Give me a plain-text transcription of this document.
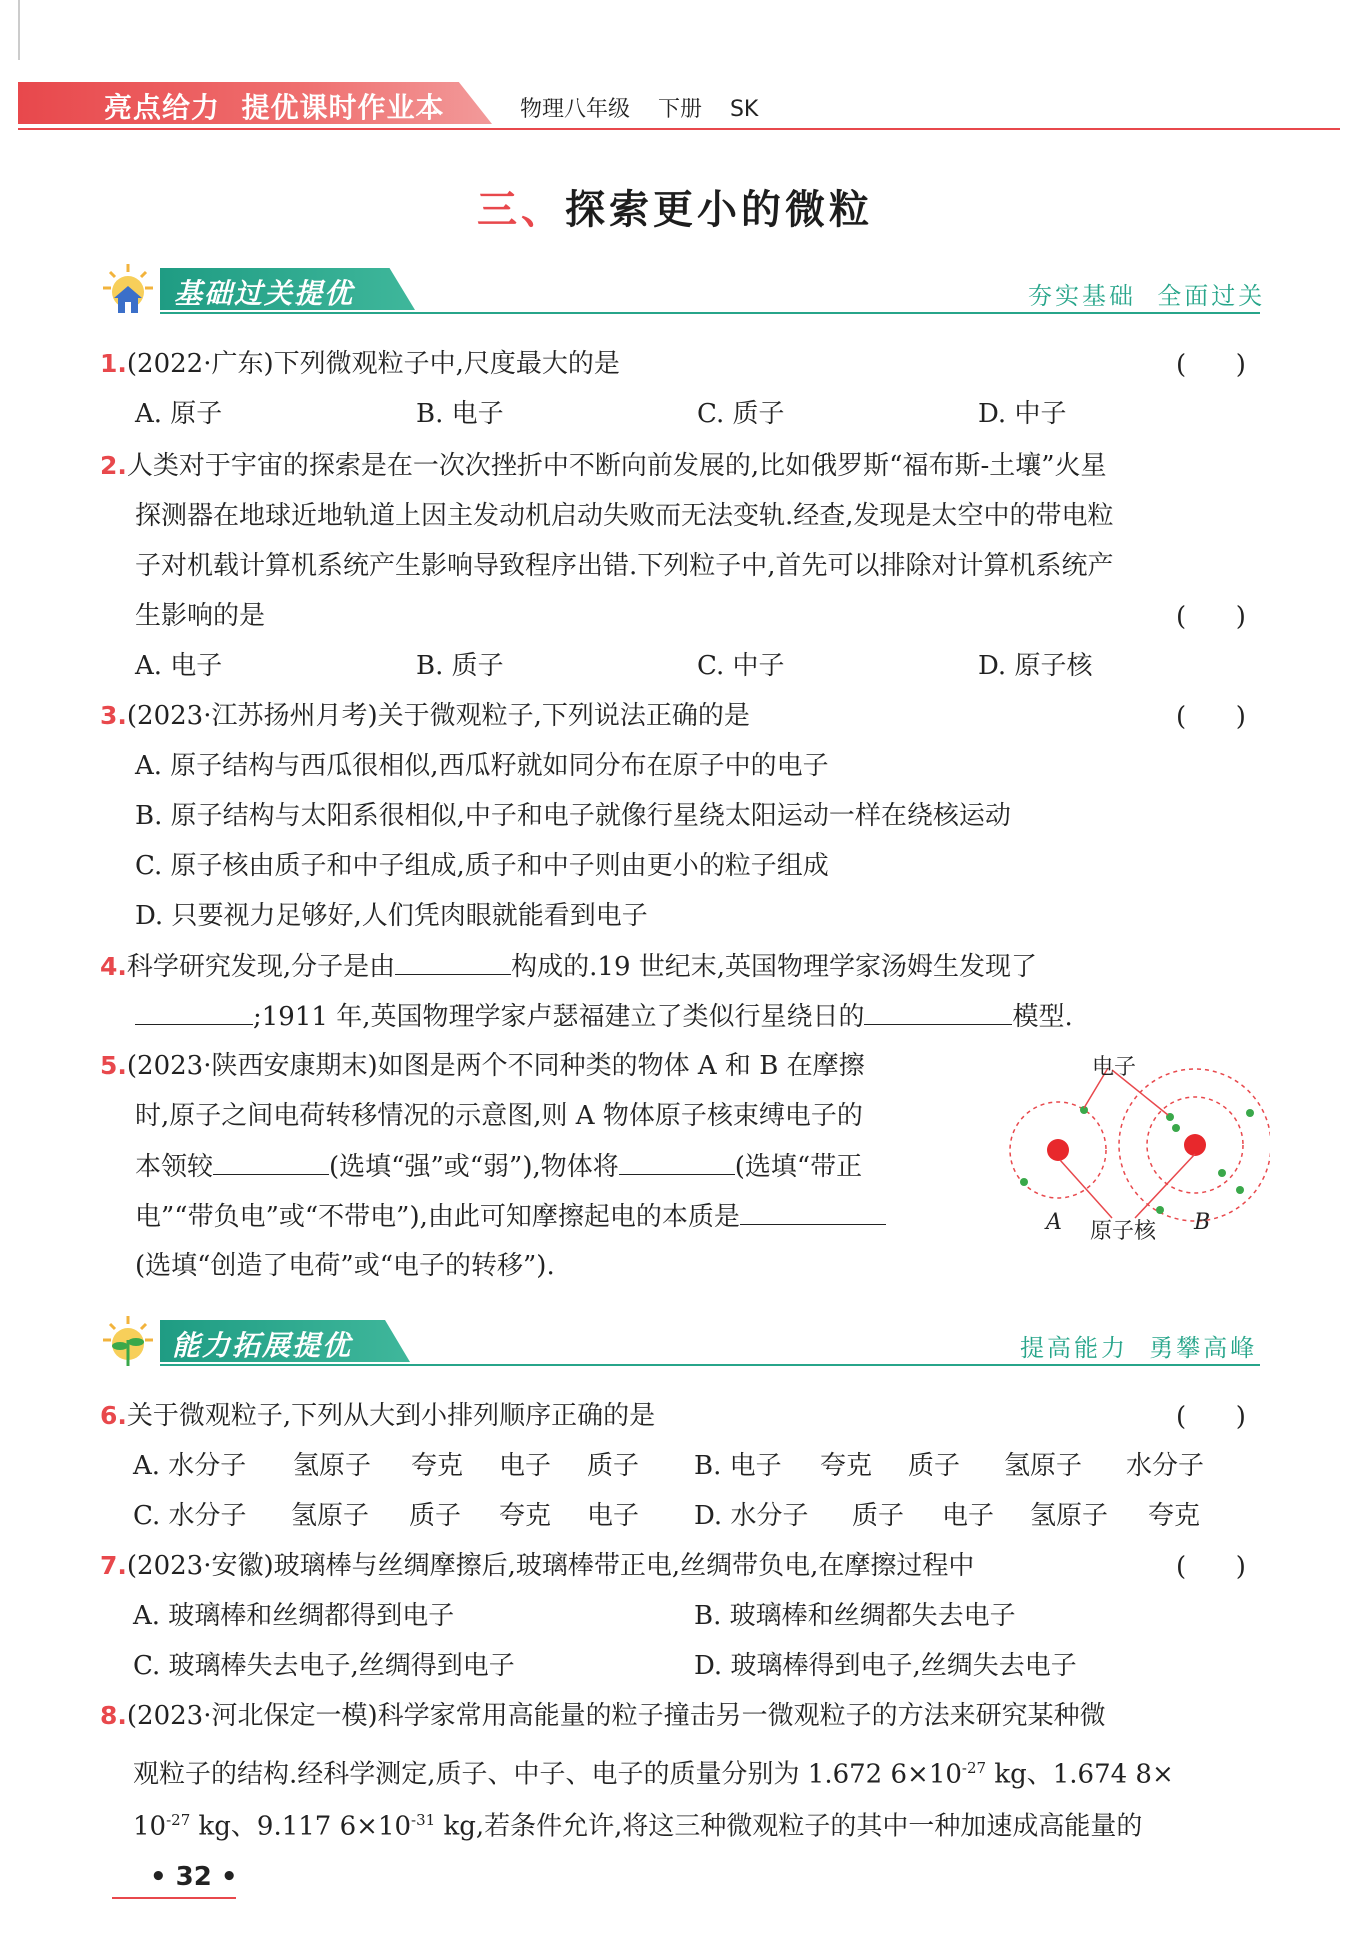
亮点给力  提优课时作业本	物理八年级    下册    SK
三、探索更小的微粒
基础过关提优	夯实基础  全面过关
1.(2022·广东)下列微观粒子中,尺度最大的是	(      )
A. 原子	B. 电子	C. 质子	D. 中子
2.人类对于宇宙的探索是在一次次挫折中不断向前发展的,比如俄罗斯“福布斯-土壤”火星
探测器在地球近地轨道上因主发动机启动失败而无法变轨.经查,发现是太空中的带电粒
子对机载计算机系统产生影响导致程序出错.下列粒子中,首先可以排除对计算机系统产
生影响的是	(      )
A. 电子	B. 质子	C. 中子	D. 原子核
3.(2023·江苏扬州月考)关于微观粒子,下列说法正确的是	(      )
A. 原子结构与西瓜很相似,西瓜籽就如同分布在原子中的电子
B. 原子结构与太阳系很相似,中子和电子就像行星绕太阳运动一样在绕核运动
C. 原子核由质子和中子组成,质子和中子则由更小的粒子组成
D. 只要视力足够好,人们凭肉眼就能看到电子
4.科学研究发现,分子是由	构成的.19 世纪末,英国物理学家汤姆生发现了
;1911 年,英国物理学家卢瑟福建立了类似行星绕日的	模型.
5.(2023·陕西安康期末)如图是两个不同种类的物体 A 和 B 在摩擦
时,原子之间电荷转移情况的示意图,则 A 物体原子核束缚电子的
本领较	(选填“强”或“弱”),物体将	(选填“带正
电”“带负电”或“不带电”),由此可知摩擦起电的本质是
(选填“创造了电荷”或“电子的转移”).
电子
原子核
A	B
能力拓展提优	提高能力  勇攀高峰
6.关于微观粒子,下列从大到小排列顺序正确的是	(      )
A. 水分子 氢原子 夸克 电子 质子 B. 电子 夸克 质子 氢原子 水分子
C. 水分子 氢原子 质子 夸克 电子 D. 水分子 质子 电子 氢原子 夸克
7.(2023·安徽)玻璃棒与丝绸摩擦后,玻璃棒带正电,丝绸带负电,在摩擦过程中	(      )
A. 玻璃棒和丝绸都得到电子	B. 玻璃棒和丝绸都失去电子
C. 玻璃棒失去电子,丝绸得到电子	D. 玻璃棒得到电子,丝绸失去电子
8.(2023·河北保定一模)科学家常用高能量的粒子撞击另一微观粒子的方法来研究某种微
观粒子的结构.经科学测定,质子、中子、电子的质量分别为 1.672 $6\times 10^{-27}$ kg、1.674 8×
$10^{-27}$ kg、9.117 $6\times 10^{-31}$ kg,若条件允许,将这三种微观粒子的其中一种加速成高能量的
• 32 •
